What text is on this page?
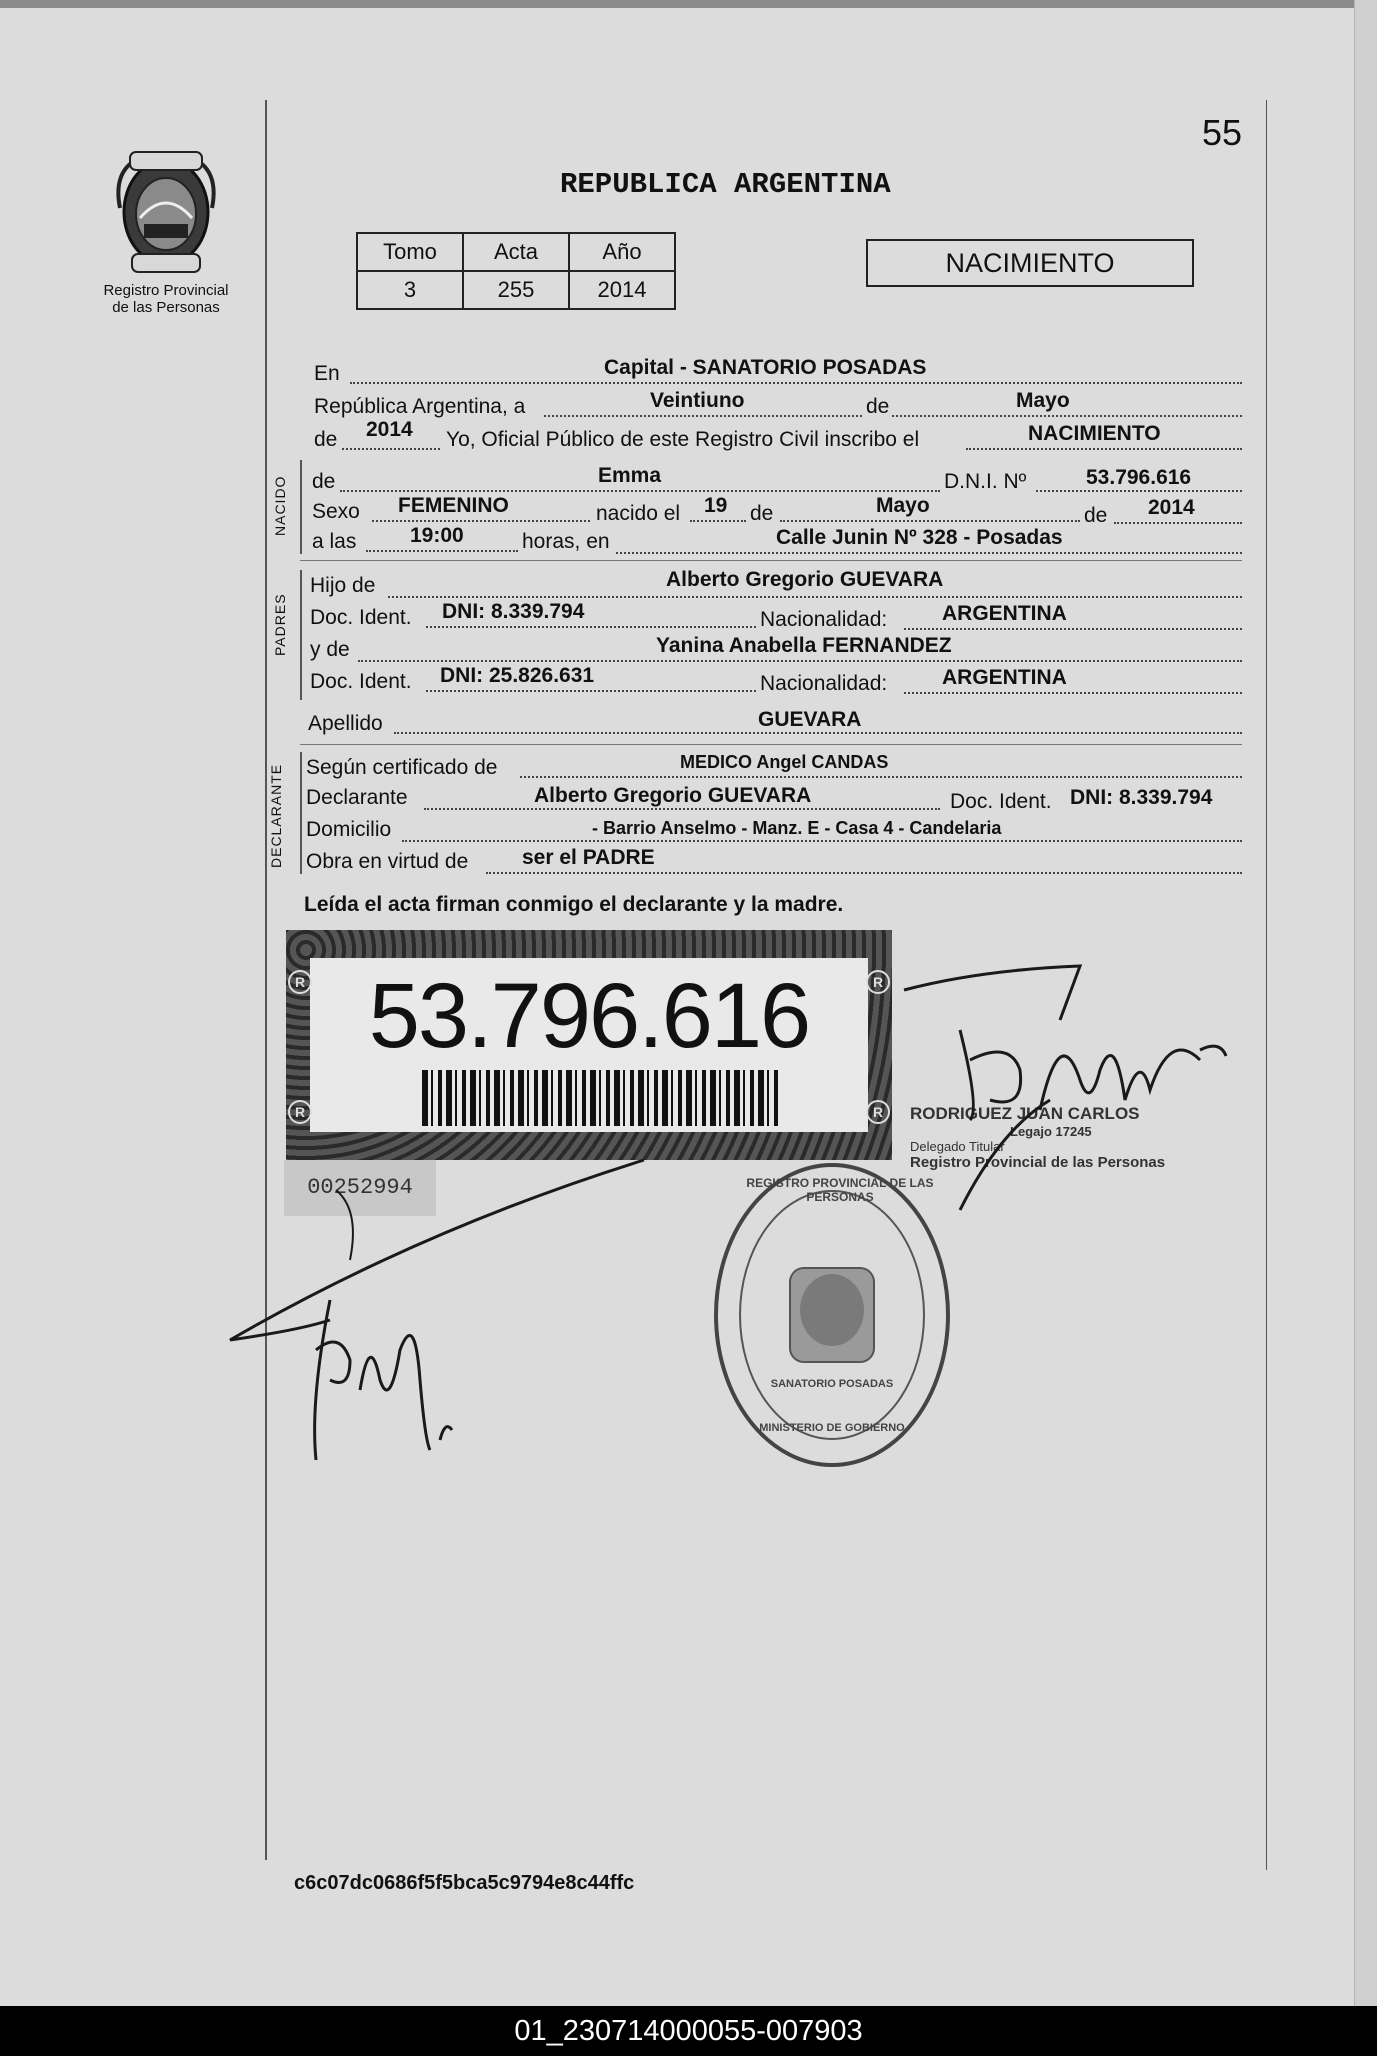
Registro Provincial
de las Personas
55
REPUBLICA ARGENTINA
Tomo	Acta	Año
3	255	2014
NACIMIENTO
En	Capital - SANATORIO POSADAS
República Argentina, a	Veintiuno	de	Mayo
de 2014 Yo, Oficial Público de este Registro Civil inscribo el	NACIMIENTO
NACIDO de	Emma	D.N.I. Nº	53.796.616
Sexo FEMENINO	nacido el 19 de	Mayo	de 2014
a las	19:00	horas, en	Calle Junin Nº 328 - Posadas
PADRES
Hijo de	Alberto Gregorio GUEVARA
Doc. Ident. DNI: 8.339.794	Nacionalidad:	ARGENTINA
y de	Yanina Anabella FERNANDEZ
Doc. Ident. DNI: 25.826.631	Nacionalidad:	ARGENTINA
Apellido	GUEVARA
DECLARANTE Según certificado de	MEDICO Angel CANDAS
Declarante	Alberto Gregorio GUEVARA	Doc. Ident. DNI: 8.339.794
Domicilio	- Barrio Anselmo - Manz. E - Casa 4 - Candelaria
Obra en virtud de	ser el PADRE
Leída el acta firman conmigo el declarante y la madre.
53.796.616
R
R
R
R
00252994
RODRIGUEZ JUAN CARLOS
Legajo 17245
Delegado Titular
Registro Provincial de las Personas
REGISTRO PROVINCIAL DE LAS PERSONAS
SANATORIO POSADAS
MINISTERIO DE GOBIERNO
c6c07dc0686f5f5bca5c9794e8c44ffc
01_230714000055-007903
